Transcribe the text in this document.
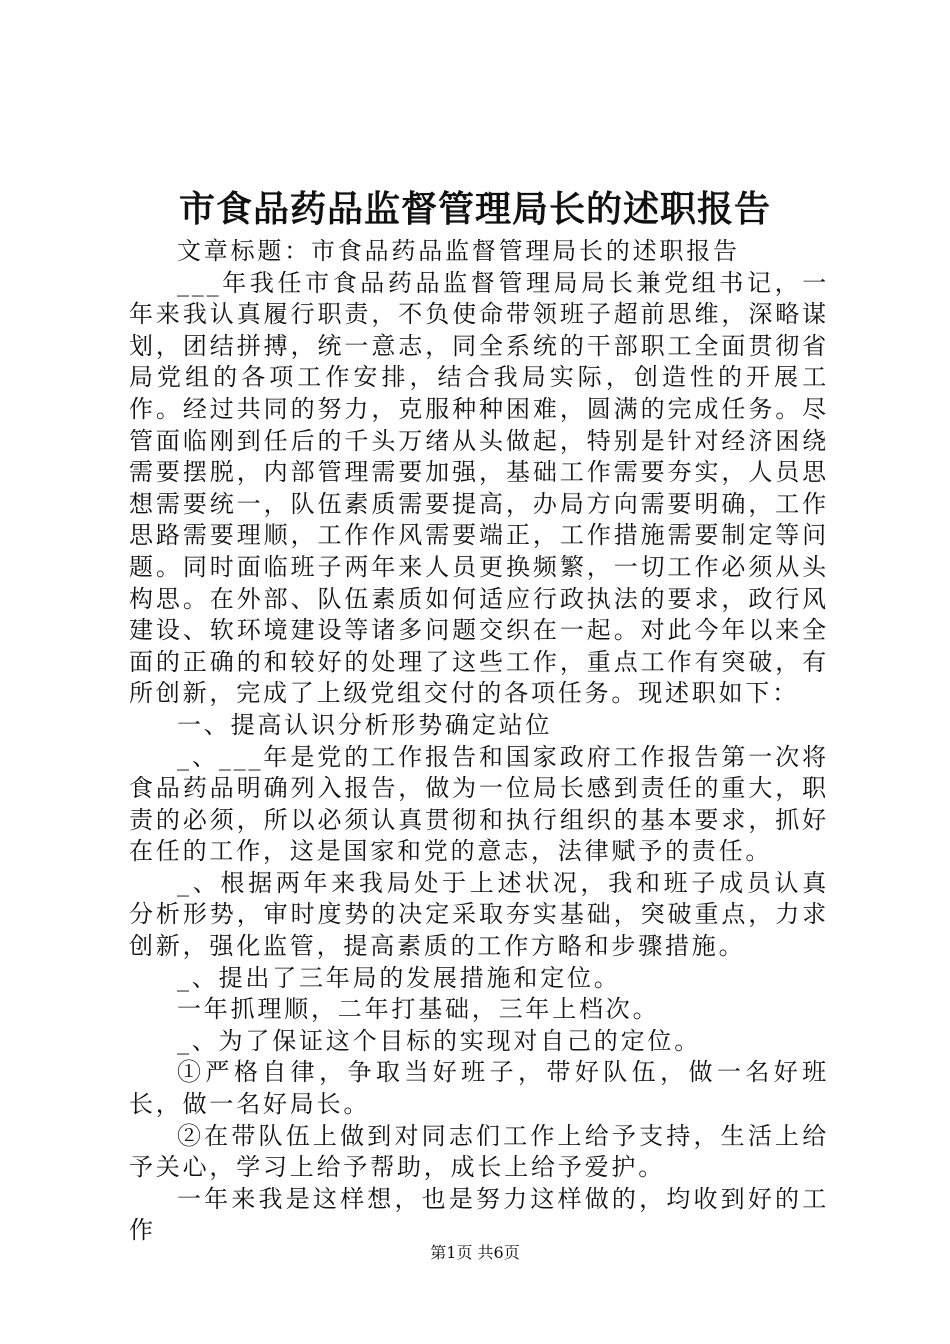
市食品药品监督管理局长的述职报告

文章标题：市食品药品监督管理局长的述职报告

___年我任市食品药品监督管理局局长兼党组书记，一年来我认真履行职责，不负使命带领班子超前思维，深略谋划，团结拼搏，统一意志，同全系统的干部职工全面贯彻省局党组的各项工作安排，结合我局实际，创造性的开展工作。经过共同的努力，克服种种困难，圆满的完成任务。尽管面临刚到任后的千头万绪从头做起，特别是针对经济困绕需要摆脱，内部管理需要加强，基础工作需要夯实，人员思想需要统一，队伍素质需要提高，办局方向需要明确，工作思路需要理顺，工作作风需要端正，工作措施需要制定等问题。同时面临班子两年来人员更换频繁，一切工作必须从头构思。在外部、队伍素质如何适应行政执法的要求，政行风建设、软环境建设等诸多问题交织在一起。对此今年以来全面的正确的和较好的处理了这些工作，重点工作有突破，有所创新，完成了上级党组交付的各项任务。现述职如下：

一、提高认识分析形势确定站位

_、___年是党的工作报告和国家政府工作报告第一次将食品药品明确列入报告，做为一位局长感到责任的重大，职责的必须，所以必须认真贯彻和执行组织的基本要求，抓好在任的工作，这是国家和党的意志，法律赋予的责任。

_、根据两年来我局处于上述状况，我和班子成员认真分析形势，审时度势的决定采取夯实基础，突破重点，力求创新，强化监管，提高素质的工作方略和步骤措施。

_、提出了三年局的发展措施和定位。

一年抓理顺，二年打基础，三年上档次。

_、为了保证这个目标的实现对自己的定位。

①严格自律，争取当好班子，带好队伍，做一名好班长，做一名好局长。

②在带队伍上做到对同志们工作上给予支持，生活上给予关心，学习上给予帮助，成长上给予爱护。

一年来我是这样想，也是努力这样做的，均收到好的工作

第1页 共6页
